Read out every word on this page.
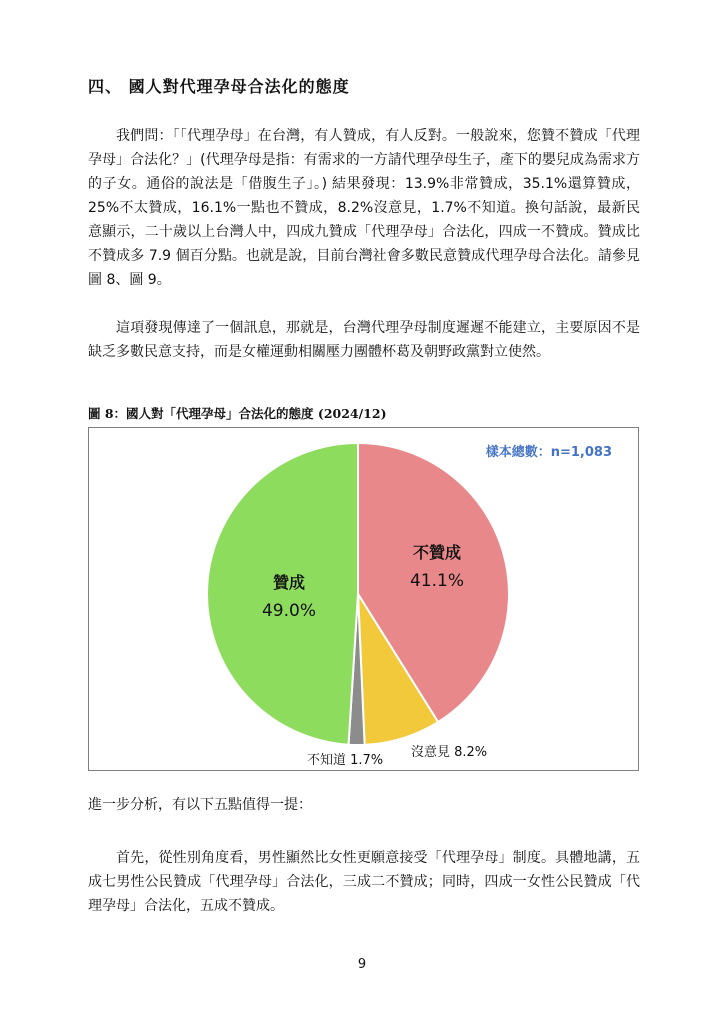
四、 國人對代理孕母合法化的態度

我們問：「「代理孕母」在台灣，有人贊成，有人反對。一般說來，您贊不贊成「代理孕母」合法化？」(代理孕母是指：有需求的一方請代理孕母生子，產下的嬰兒成為需求方的子女。通俗的說法是「借腹生子」。) 結果發現：13.9%非常贊成，35.1%還算贊成，25%不太贊成，16.1%一點也不贊成，8.2%沒意見，1.7%不知道。換句話說，最新民意顯示，二十歲以上台灣人中，四成九贊成「代理孕母」合法化，四成一不贊成。贊成比不贊成多 7.9 個百分點。也就是說，目前台灣社會多數民意贊成代理孕母合法化。請參見圖 8、圖 9。

這項發現傳達了一個訊息，那就是，台灣代理孕母制度遲遲不能建立，主要原因不是缺乏多數民意支持，而是女權運動相關壓力團體杯葛及朝野政黨對立使然。

圖 8：國人對「代理孕母」合法化的態度 (2024/12)

樣本總數：n=1,083
不贊成
41.1%
贊成
49.0%
沒意見 8.2%
不知道 1.7%

進一步分析，有以下五點值得一提：

首先，從性別角度看，男性顯然比女性更願意接受「代理孕母」制度。具體地講，五成七男性公民贊成「代理孕母」合法化，三成二不贊成；同時，四成一女性公民贊成「代理孕母」合法化，五成不贊成。

9
